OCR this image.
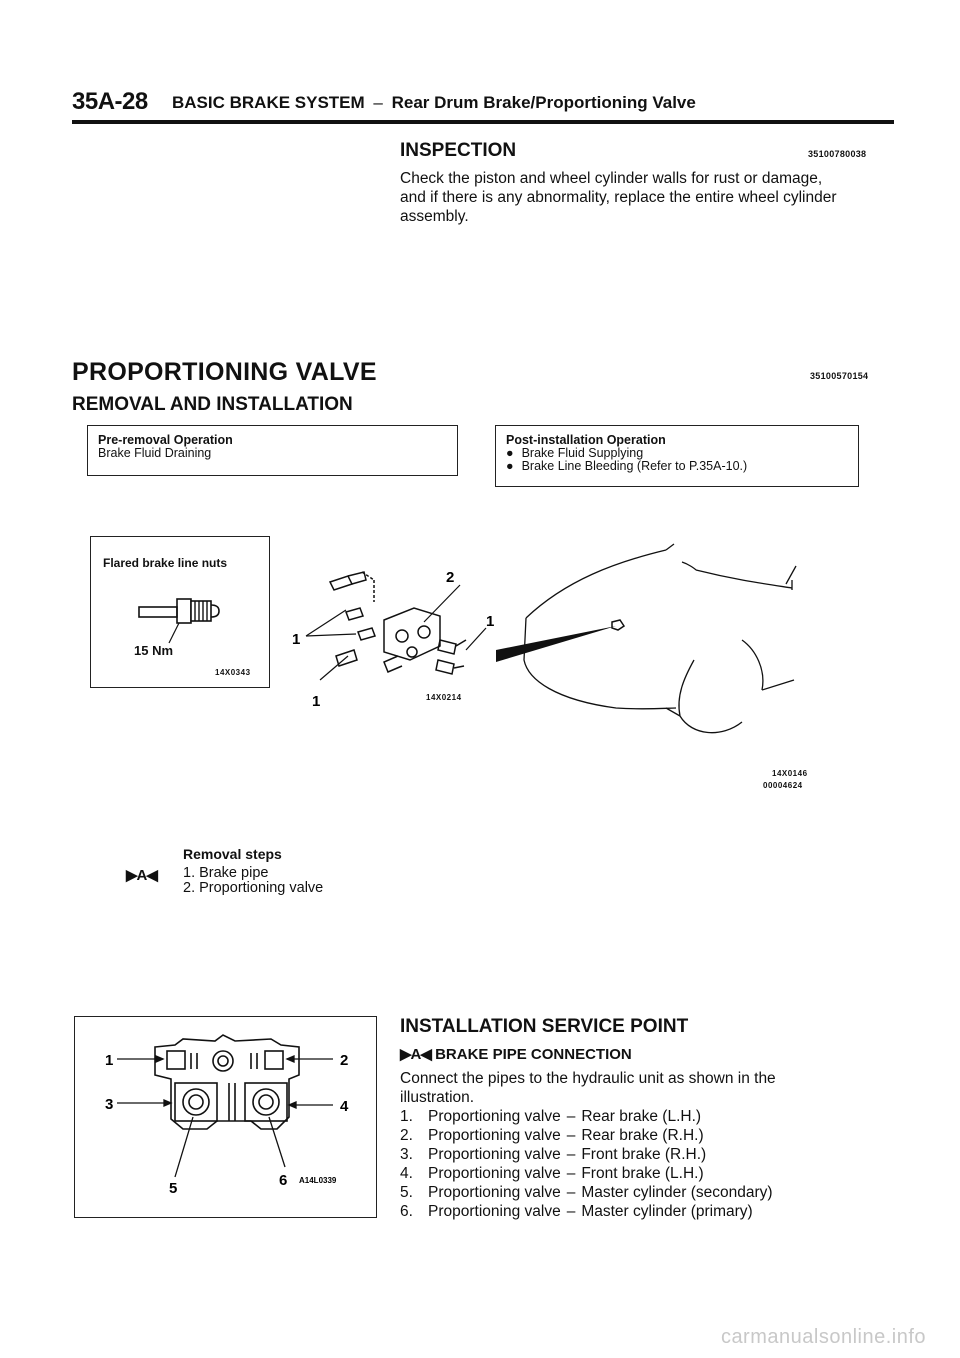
35A-28 BASIC BRAKE SYSTEM – Rear Drum Brake/Proportioning Valve
INSPECTION	35100780038
Check the piston and wheel cylinder walls for rust or damage,
and if there is any abnormality, replace the entire wheel cylinder
assembly.
PROPORTIONING VALVE	35100570154
REMOVAL AND INSTALLATION
Pre-removal Operation
Brake Fluid Draining
Post-installation Operation
● Brake Fluid Supplying
● Brake Line Bleeding (Refer to P.35A-10.)
Flared brake line nuts
15 Nm
14X0343
1
1
2
1
14X0214
14X0146
00004624
Removal steps
▶A◀ 1. Brake pipe
2. Proportioning valve
1	2
3	4
5	6 A14L0339
INSTALLATION SERVICE POINT
▶A◀ BRAKE PIPE CONNECTION
Connect the pipes to the hydraulic unit as shown in the
illustration.
1. Proportioning valve – Rear brake (L.H.)
2. Proportioning valve – Rear brake (R.H.)
3. Proportioning valve – Front brake (R.H.)
4. Proportioning valve – Front brake (L.H.)
5. Proportioning valve – Master cylinder (secondary)
6. Proportioning valve – Master cylinder (primary)
carmanualsonline.info
